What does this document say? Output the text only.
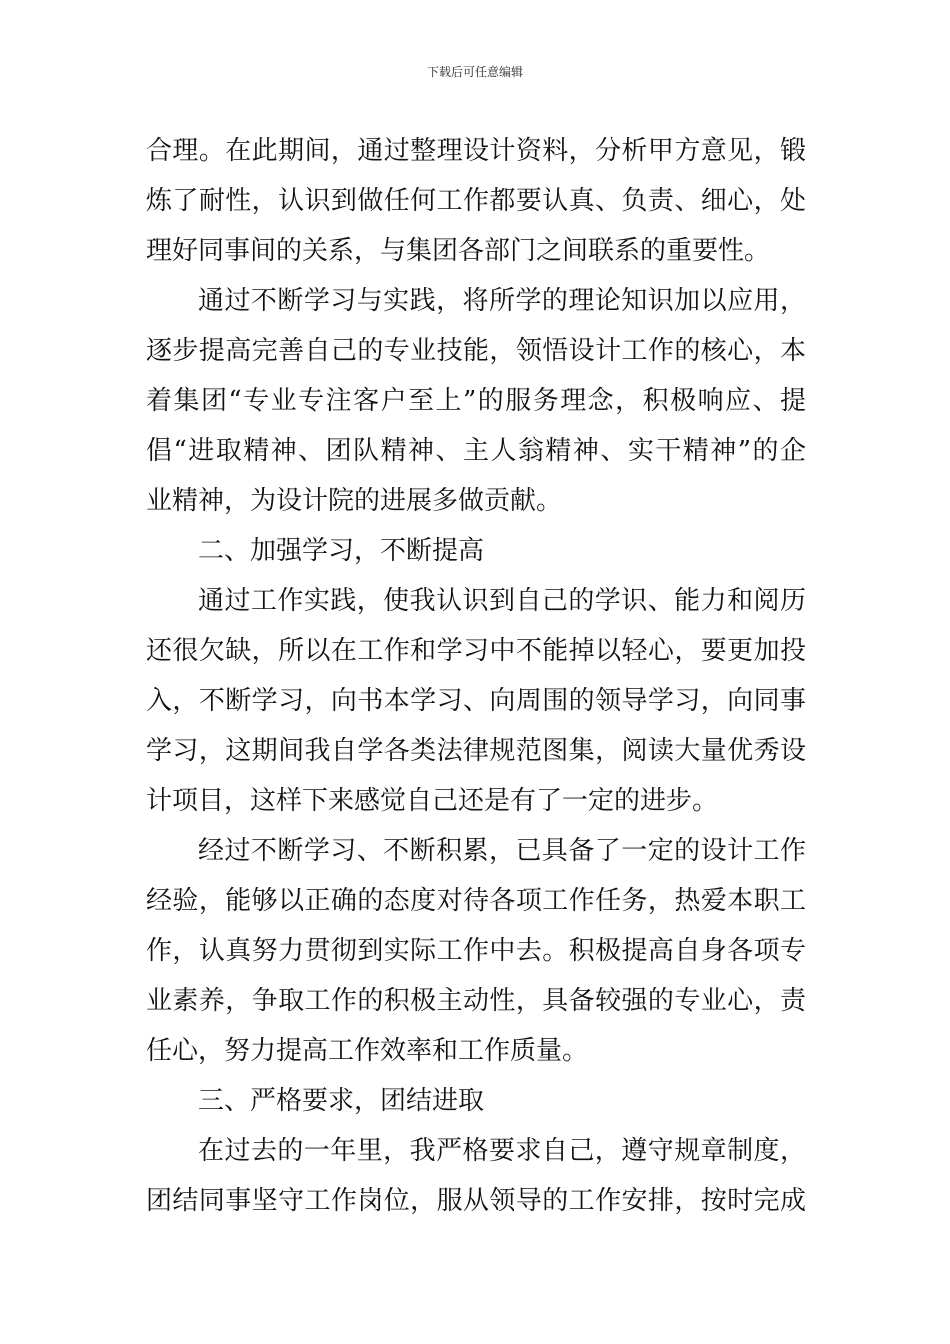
下载后可任意编辑
合理。在此期间，通过整理设计资料，分析甲方意见，锻
炼了耐性，认识到做任何工作都要认真、负责、细心，处
理好同事间的关系，与集团各部门之间联系的重要性。
通过不断学习与实践，将所学的理论知识加以应用，
逐步提高完善自己的专业技能，领悟设计工作的核心，本
着集团“专业专注客户至上”的服务理念，积极响应、提
倡“进取精神、团队精神、主人翁精神、实干精神”的企
业精神，为设计院的进展多做贡献。
二、加强学习，不断提高
通过工作实践，使我认识到自己的学识、能力和阅历
还很欠缺，所以在工作和学习中不能掉以轻心，要更加投
入，不断学习，向书本学习、向周围的领导学习，向同事
学习，这期间我自学各类法律规范图集，阅读大量优秀设
计项目，这样下来感觉自己还是有了一定的进步。
经过不断学习、不断积累，已具备了一定的设计工作
经验，能够以正确的态度对待各项工作任务，热爱本职工
作，认真努力贯彻到实际工作中去。积极提高自身各项专
业素养，争取工作的积极主动性，具备较强的专业心，责
任心，努力提高工作效率和工作质量。
三、严格要求，团结进取
在过去的一年里，我严格要求自己，遵守规章制度，
团结同事坚守工作岗位，服从领导的工作安排，按时完成
